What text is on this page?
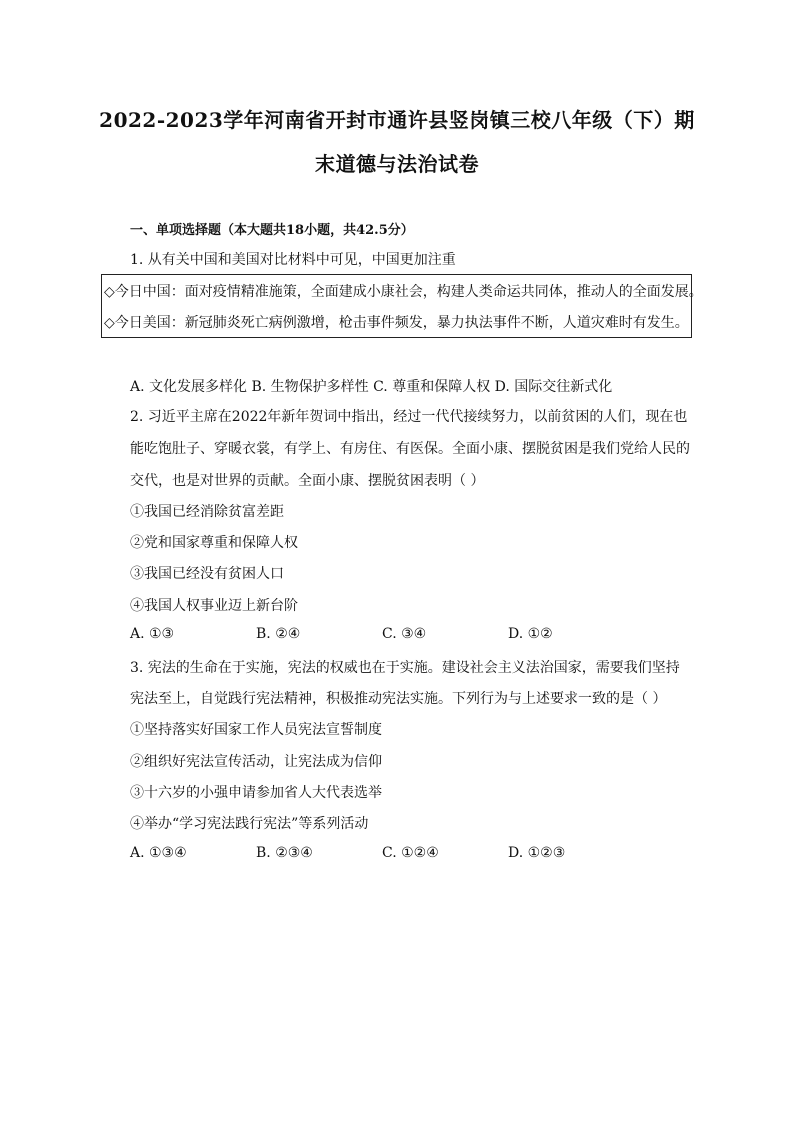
2022-2023学年河南省开封市通许县竖岗镇三校八年级（下）期
末道德与法治试卷
一、单项选择题（本大题共18小题，共42.5分）
1. 从有关中国和美国对比材料中可见，中国更加注重
◇今日中国：面对疫情精准施策，全面建成小康社会，构建人类命运共同体，推动人的全面发展。
◇今日美国：新冠肺炎死亡病例激增，枪击事件频发，暴力执法事件不断，人道灾难时有发生。
A. 文化发展多样化 B. 生物保护多样性 C. 尊重和保障人权 D. 国际交往新式化
2. 习近平主席在2022年新年贺词中指出，经过一代代接续努力，以前贫困的人们，现在也
能吃饱肚子、穿暖衣裳，有学上、有房住、有医保。全面小康、摆脱贫困是我们党给人民的
交代，也是对世界的贡献。全面小康、摆脱贫困表明（ ）
①我国已经消除贫富差距
②党和国家尊重和保障人权
③我国已经没有贫困人口
④我国人权事业迈上新台阶
A. ①③	B. ②④	C. ③④	D. ①②
3. 宪法的生命在于实施，宪法的权威也在于实施。建设社会主义法治国家，需要我们坚持
宪法至上，自觉践行宪法精神，积极推动宪法实施。下列行为与上述要求一致的是（ ）
①坚持落实好国家工作人员宪法宣誓制度
②组织好宪法宣传活动，让宪法成为信仰
③十六岁的小强申请参加省人大代表选举
④举办“学习宪法践行宪法”等系列活动
A. ①③④	B. ②③④	C. ①②④	D. ①②③
